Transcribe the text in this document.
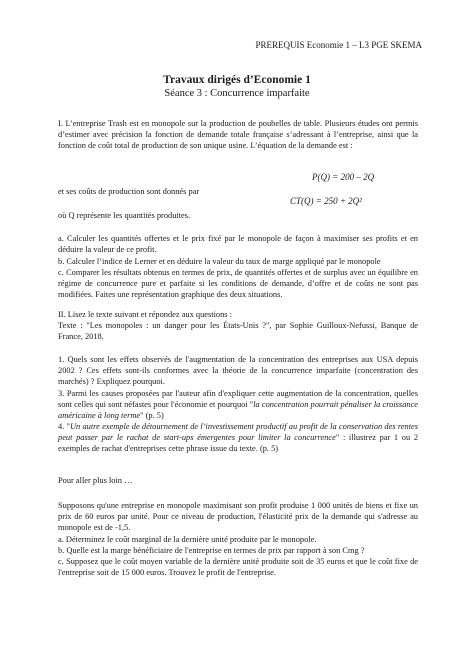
PREREQUIS Economie 1 – L3 PGE SKEMA
Travaux dirigés d’Economie 1
Séance 3 : Concurrence imparfaite
I. L’entreprise Trash est en monopole sur la production de poubelles de table. Plusieurs études ont permis d’estimer avec précision la fonction de demande totale française s’adressant à l’entreprise, ainsi que la fonction de coût total de production de son unique usine. L’équation de la demande est :
P(Q) = 200 – 2Q
et ses coûts de production sont donnés par
CT(Q) = 250 + 2Q²
où Q représente les quantités produites.
a. Calculer les quantités offertes et le prix fixé par le monopole de façon à maximiser ses profits et en déduire la valeur de ce profit.
b. Calculer l’indice de Lerner et en déduire la valeur du taux de marge appliqué par le monopole
c. Comparer les résultats obtenus en termes de prix, de quantités offertes et de surplus avec un équilibre en régime de concurrence pure et parfaite si les conditions de demande, d’offre et de coûts ne sont pas modifiées. Faites une représentation graphique des deux situations.
II. Lisez le texte suivant et répondez aux questions :
Texte : "Les monopoles : un danger pour les États-Unis ?", par Sophie Guilloux-Nefussi, Banque de France, 2018.
1. Quels sont les effets observés de l'augmentation de la concentration des entreprises aux USA depuis 2002 ? Ces effets sont-ils conformes avec la théorie de la concurrence imparfaite (concentration des marchés) ? Expliquez pourquoi.
3. Parmi les causes proposées par l'auteur afin d'expliquer cette augmentation de la concentration, quelles sont celles qui sont néfastes pour l'économie et pourquoi "la concentration pourrait pénaliser la croissance américaine à long terme" (p. 5)
4. "Un autre exemple de détournement de l’investissement productif au profit de la conservation des rentes peut passer par le rachat de start-ups émergentes pour limiter la concurrence" : illustrez par 1 ou 2 exemples de rachat d'entreprises cette phrase issue du texte. (p. 5)
Pour aller plus loin …
Supposons qu'une entreprise en monopole maximisant son profit produise 1 000 unités de biens et fixe un prix de 60 euros par unité. Pour ce niveau de production, l'élasticité prix de la demande qui s'adresse au monopole est de -1,5.
a. Déterminez le coût marginal de la dernière unité produite par le monopole.
b. Quelle est la marge bénéficiaire de l'entreprise en termes de prix par rapport à son Cmg ?
c. Supposez que le coût moyen variable de la dernière unité produite soit de 35 euros et que le coût fixe de l'entreprise soit de 15 000 euros. Trouvez le profit de l'entreprise.
